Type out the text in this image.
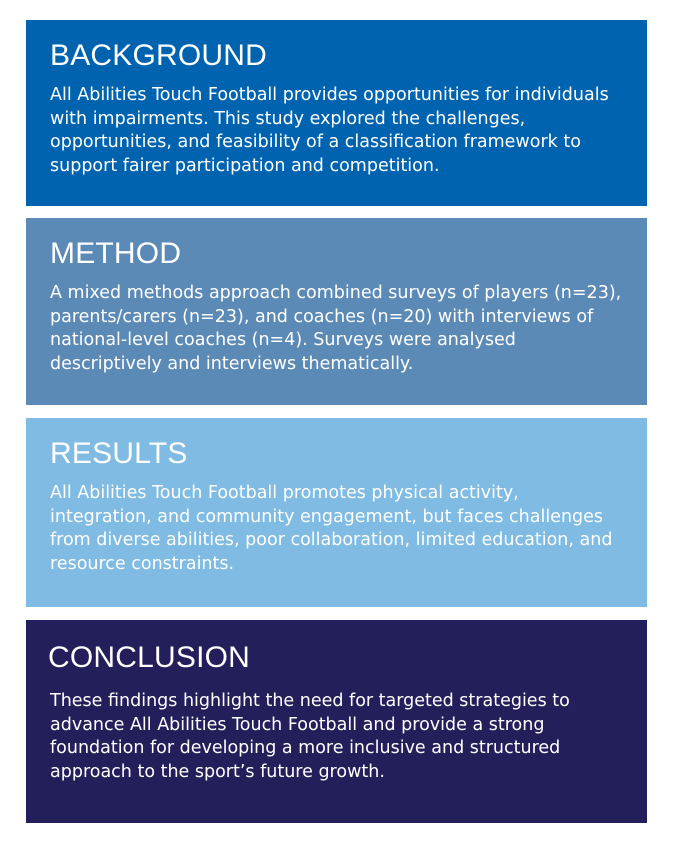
BACKGROUND

All Abilities Touch Football provides opportunities for individuals with impairments. This study explored the challenges, opportunities, and feasibility of a classification framework to support fairer participation and competition.

METHOD

A mixed methods approach combined surveys of players (n=23), parents/carers (n=23), and coaches (n=20) with interviews of national-level coaches (n=4). Surveys were analysed descriptively and interviews thematically.

RESULTS

All Abilities Touch Football promotes physical activity, integration, and community engagement, but faces challenges from diverse abilities, poor collaboration, limited education, and resource constraints.

CONCLUSION

These findings highlight the need for targeted strategies to advance All Abilities Touch Football and provide a strong foundation for developing a more inclusive and structured approach to the sport’s future growth.
